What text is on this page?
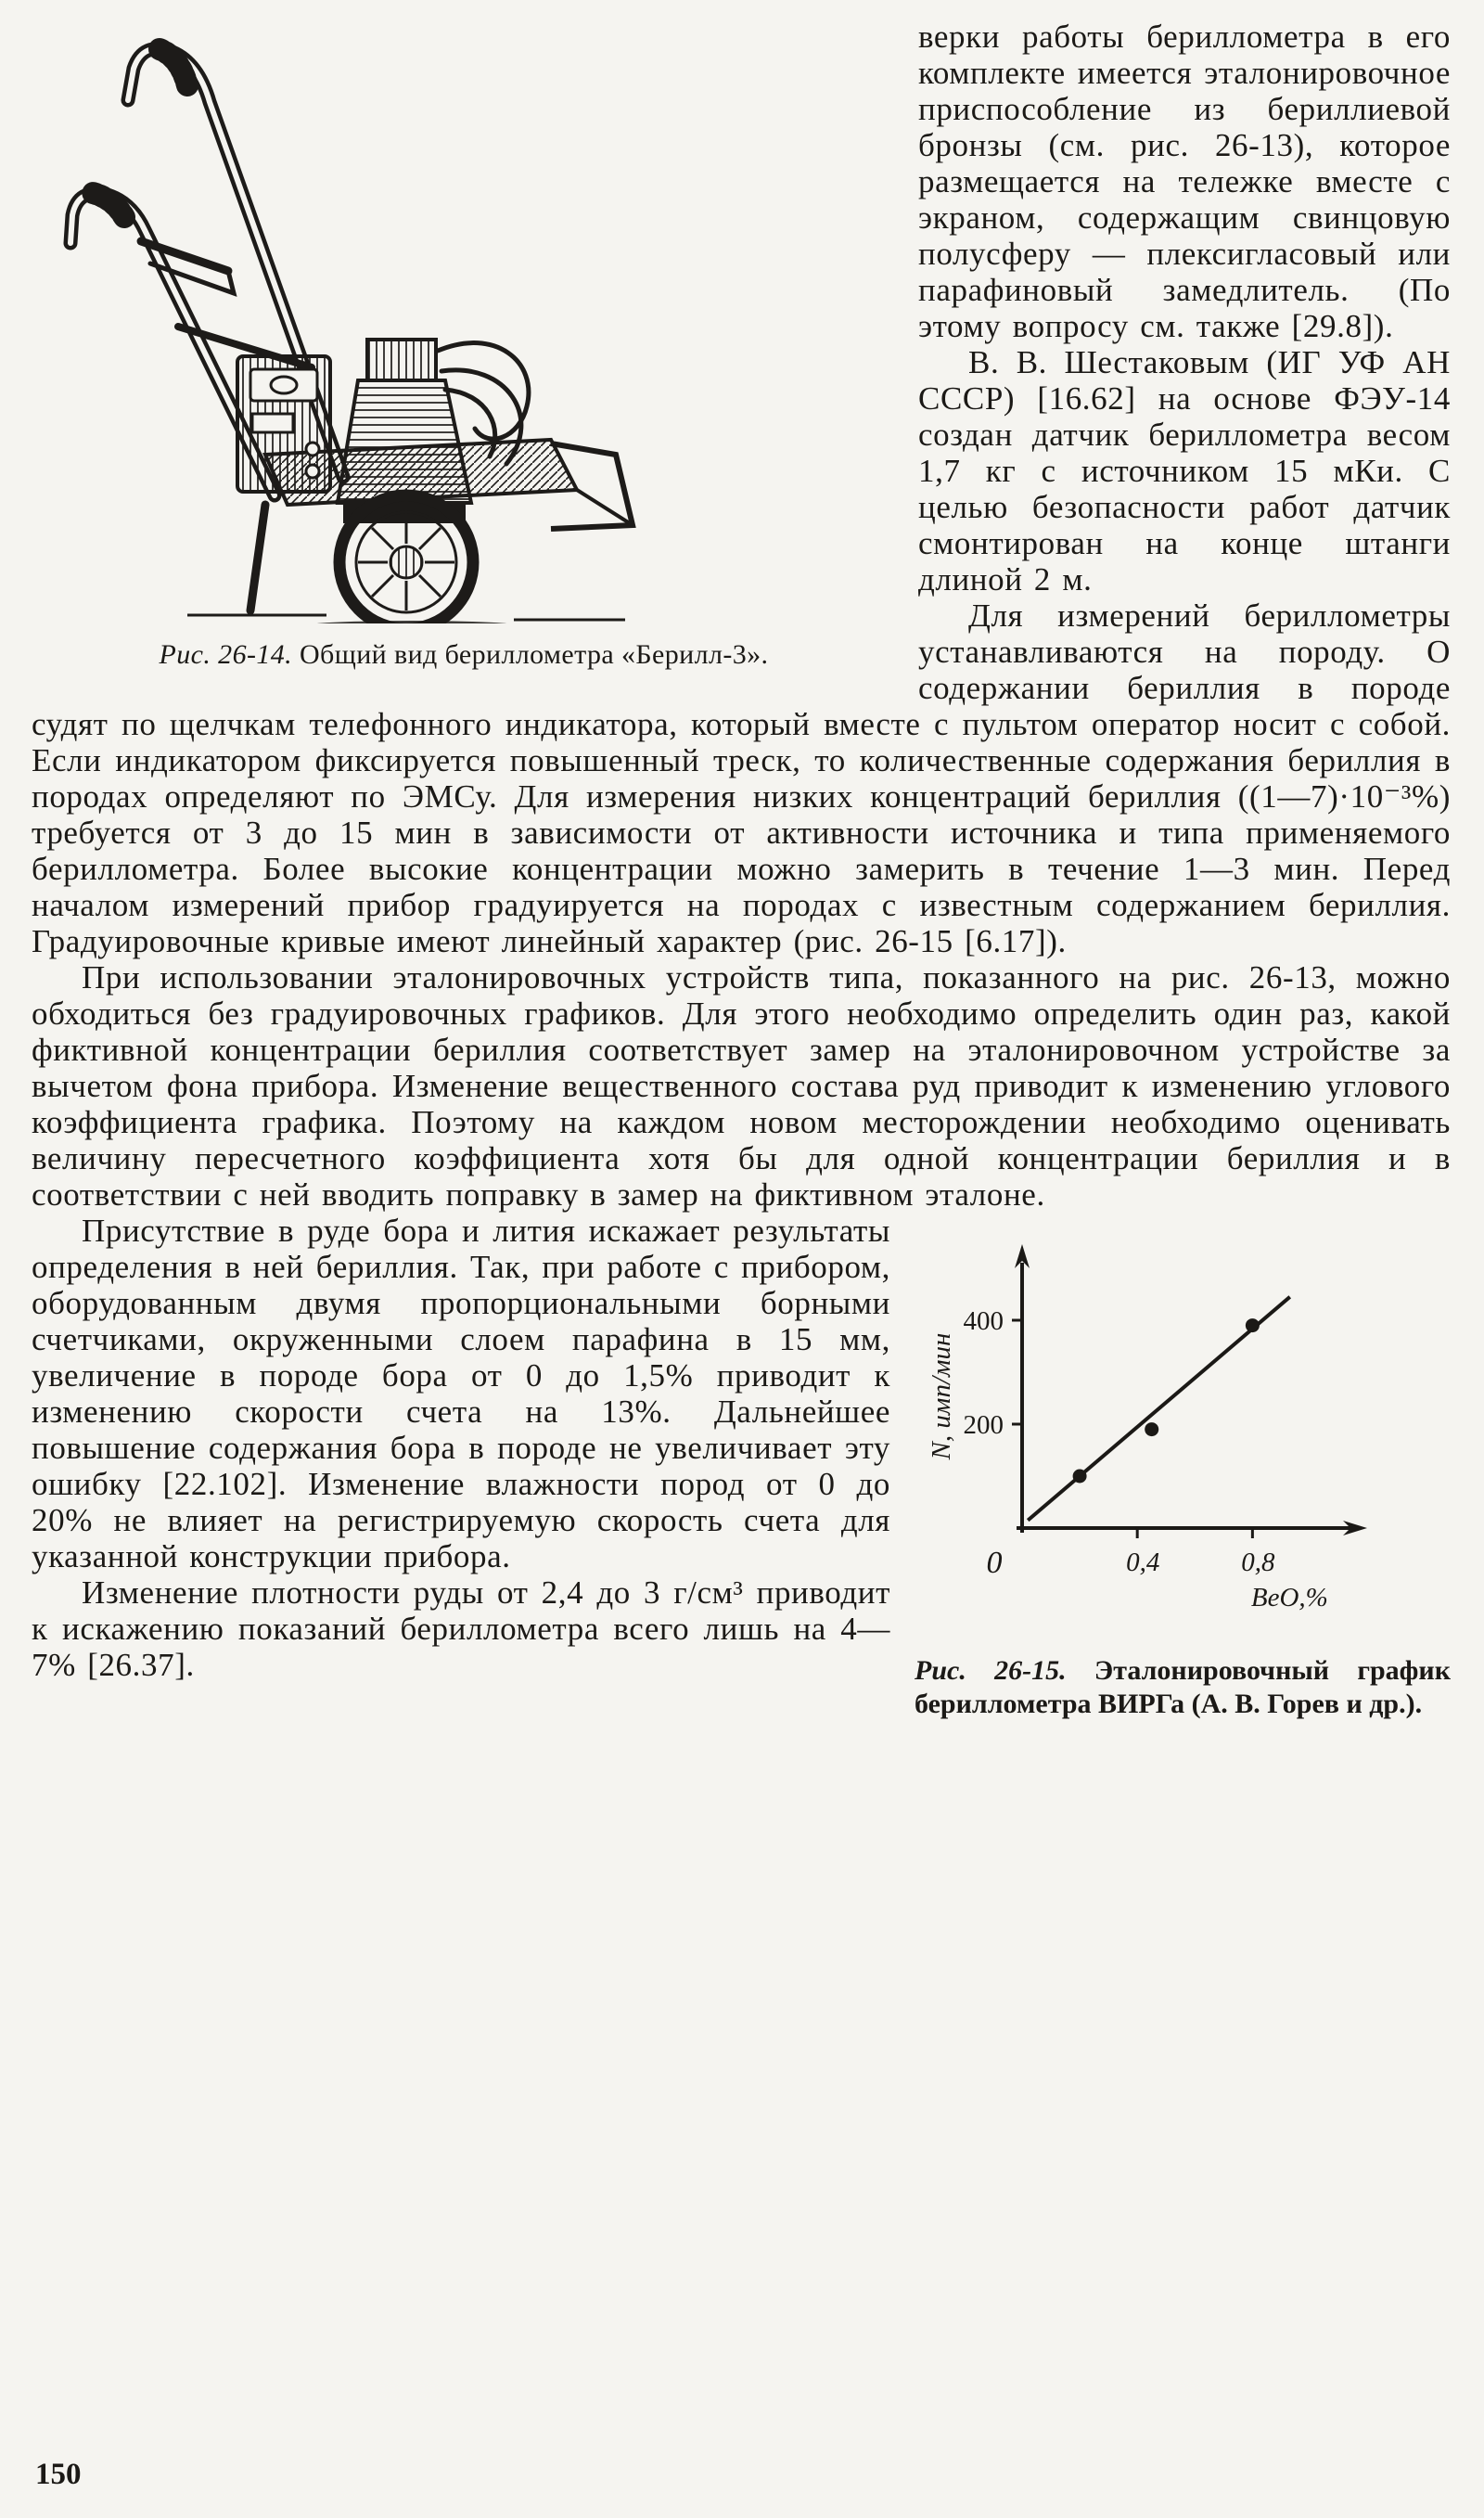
Рис. 26-14. Общий вид бериллометра «Берилл-3».

верки работы бериллометра в его комплекте имеется эталонировочное приспособление из бериллиевой бронзы (см. рис. 26-13), которое размещается на тележке вместе с экраном, содержащим свинцовую полусферу — плексигласовый или парафиновый замедлитель. (По этому вопросу см. также [29.8]).

В. В. Шестаковым (ИГ УФ АН СССР) [16.62] на основе ФЭУ-14 создан датчик бериллометра весом 1,7 кг с источником 15 мКи. С целью безопасности работ датчик смонтирован на конце штанги длиной 2 м.

Для измерений бериллометры устанавливаются на породу. О содержании бериллия в породе судят по щелчкам телефонного индикатора, который вместе с пультом оператор носит с собой. Если индикатором фиксируется повышенный треск, то количественные содержания бериллия в породах определяют по ЭМСу. Для измерения низких концентраций бериллия ((1—7)·10⁻³%) требуется от 3 до 15 мин в зависимости от активности источника и типа применяемого бериллометра. Более высокие концентрации можно замерить в течение 1—3 мин. Перед началом измерений прибор градуируется на породах с известным содержанием бериллия. Градуировочные кривые имеют линейный характер (рис. 26-15 [6.17]).

При использовании эталонировочных устройств типа, показанного на рис. 26-13, можно обходиться без градуировочных графиков. Для этого необходимо определить один раз, какой фиктивной концентрации бериллия соответствует замер на эталонировочном устройстве за вычетом фона прибора. Изменение вещественного состава руд приводит к изменению углового коэффициента графика. Поэтому на каждом новом месторождении необходимо оценивать величину пересчетного коэффициента хотя бы для одной концентрации бериллия и в соответствии с ней вводить поправку в замер на фиктивном эталоне.

200
400
0,4	0,8
0
ВеО,%
N, имп/мин

Рис. 26-15. Эталонировочный график бериллометра ВИРГа (А. В. Горев и др.).

Присутствие в руде бора и лития искажает результаты определения в ней бериллия. Так, при работе с прибором, оборудованным двумя пропорциональными борными счетчиками, окруженными слоем парафина в 15 мм, увеличение в породе бора от 0 до 1,5% приводит к изменению скорости счета на 13%. Дальнейшее повышение содержания бора в породе не увеличивает эту ошибку [22.102]. Изменение влажности пород от 0 до 20% не влияет на регистрируемую скорость счета для указанной конструкции прибора.

Изменение плотности руды от 2,4 до 3 г/см³ приводит к искажению показаний бериллометра всего лишь на 4—7% [26.37].

150
